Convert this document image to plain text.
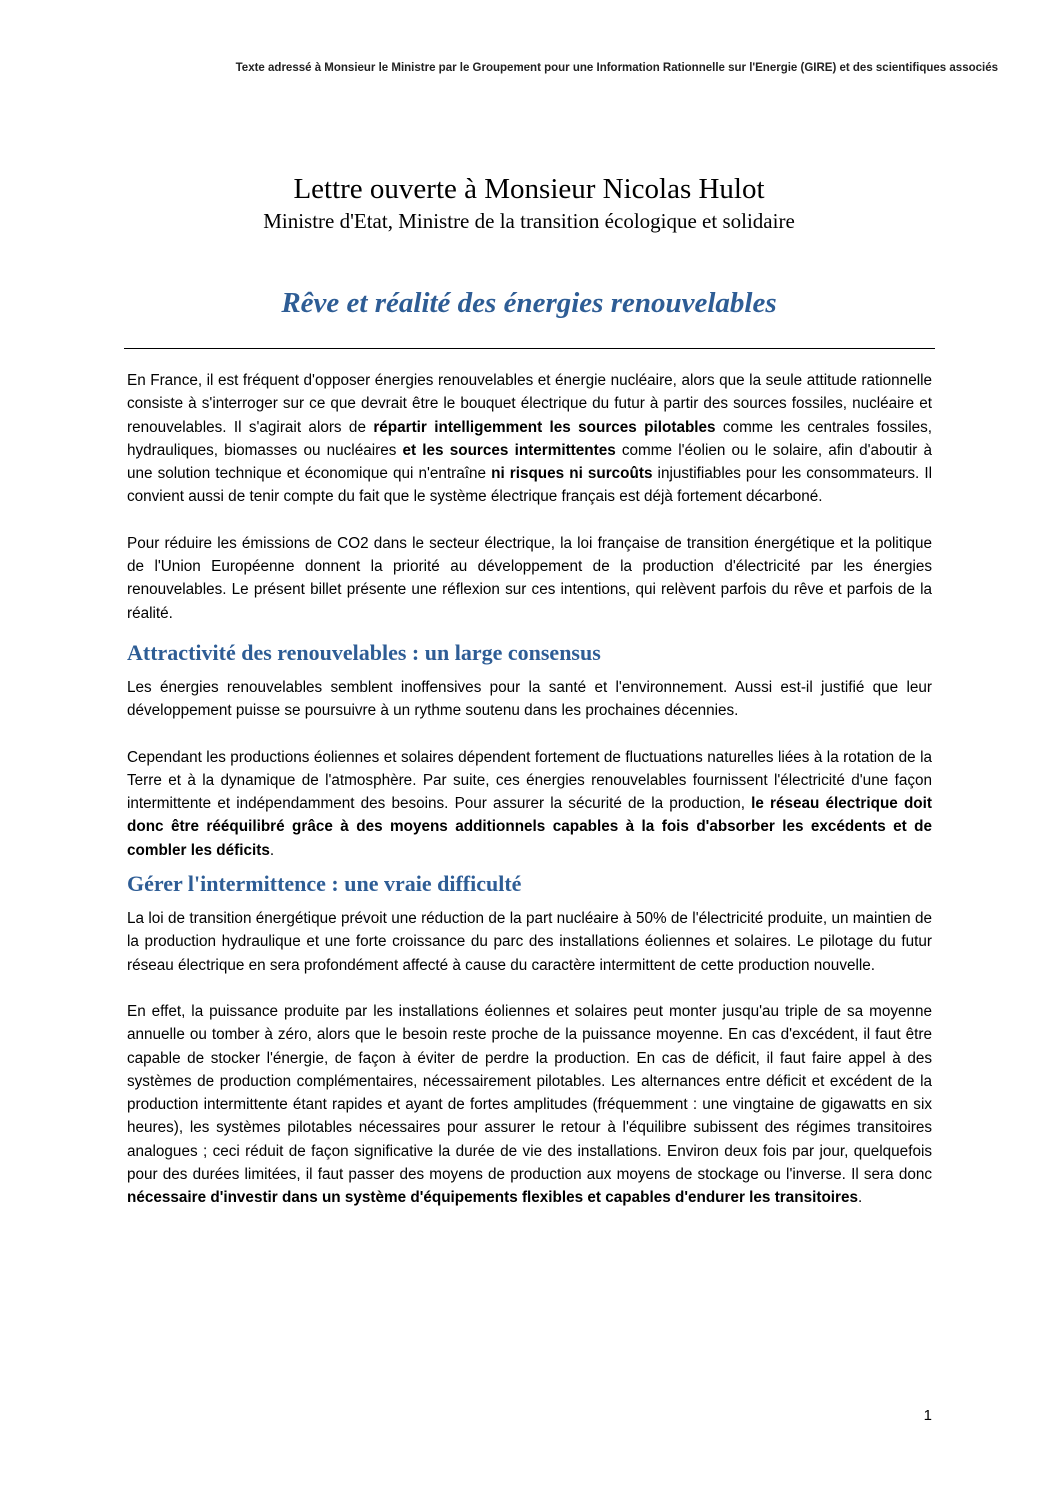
Texte adressé à Monsieur le Ministre par le Groupement pour une Information Rationnelle sur l'Energie (GIRE) et des scientifiques associés
Lettre ouverte à Monsieur Nicolas Hulot
Ministre d'Etat, Ministre de la transition écologique et solidaire
Rêve et réalité des énergies renouvelables

En France, il est fréquent d'opposer énergies renouvelables et énergie nucléaire, alors que la seule attitude rationnelle consiste à s'interroger sur ce que devrait être le bouquet électrique du futur à partir des sources fossiles, nucléaire et renouvelables. Il s'agirait alors de répartir intelligemment les sources pilotables comme les centrales fossiles, hydrauliques, biomasses ou nucléaires et les sources intermittentes comme l'éolien ou le solaire, afin d'aboutir à une solution technique et économique qui n'entraîne ni risques ni surcoûts injustifiables pour les consommateurs. Il convient aussi de tenir compte du fait que le système électrique français est déjà fortement décarboné.

Pour réduire les émissions de CO2 dans le secteur électrique, la loi française de transition énergétique et la politique de l'Union Européenne donnent la priorité au développement de la production d'électricité par les énergies renouvelables. Le présent billet présente une réflexion sur ces intentions, qui relèvent parfois du rêve et parfois de la réalité.

Attractivité des renouvelables : un large consensus

Les énergies renouvelables semblent inoffensives pour la santé et l'environnement. Aussi est-il justifié que leur développement puisse se poursuivre à un rythme soutenu dans les prochaines décennies.

Cependant les productions éoliennes et solaires dépendent fortement de fluctuations naturelles liées à la rotation de la Terre et à la dynamique de l'atmosphère. Par suite, ces énergies renouvelables fournissent l'électricité d'une façon intermittente et indépendamment des besoins. Pour assurer la sécurité de la production, le réseau électrique doit donc être rééquilibré grâce à des moyens additionnels capables à la fois d'absorber les excédents et de combler les déficits.

Gérer l'intermittence : une vraie difficulté

La loi de transition énergétique prévoit une réduction de la part nucléaire à 50% de l'électricité produite, un maintien de la production hydraulique et une forte croissance du parc des installations éoliennes et solaires. Le pilotage du futur réseau électrique en sera profondément affecté à cause du caractère intermittent de cette production nouvelle.

En effet, la puissance produite par les installations éoliennes et solaires peut monter jusqu'au triple de sa moyenne annuelle ou tomber à zéro, alors que le besoin reste proche de la puissance moyenne. En cas d'excédent, il faut être capable de stocker l'énergie, de façon à éviter de perdre la production. En cas de déficit, il faut faire appel à des systèmes de production complémentaires, nécessairement pilotables. Les alternances entre déficit et excédent de la production intermittente étant rapides et ayant de fortes amplitudes (fréquemment : une vingtaine de gigawatts en six heures), les systèmes pilotables nécessaires pour assurer le retour à l'équilibre subissent des régimes transitoires analogues ; ceci réduit de façon significative la durée de vie des installations. Environ deux fois par jour, quelquefois pour des durées limitées, il faut passer des moyens de production aux moyens de stockage ou l'inverse. Il sera donc nécessaire d'investir dans un système d'équipements flexibles et capables d'endurer les transitoires.

1
